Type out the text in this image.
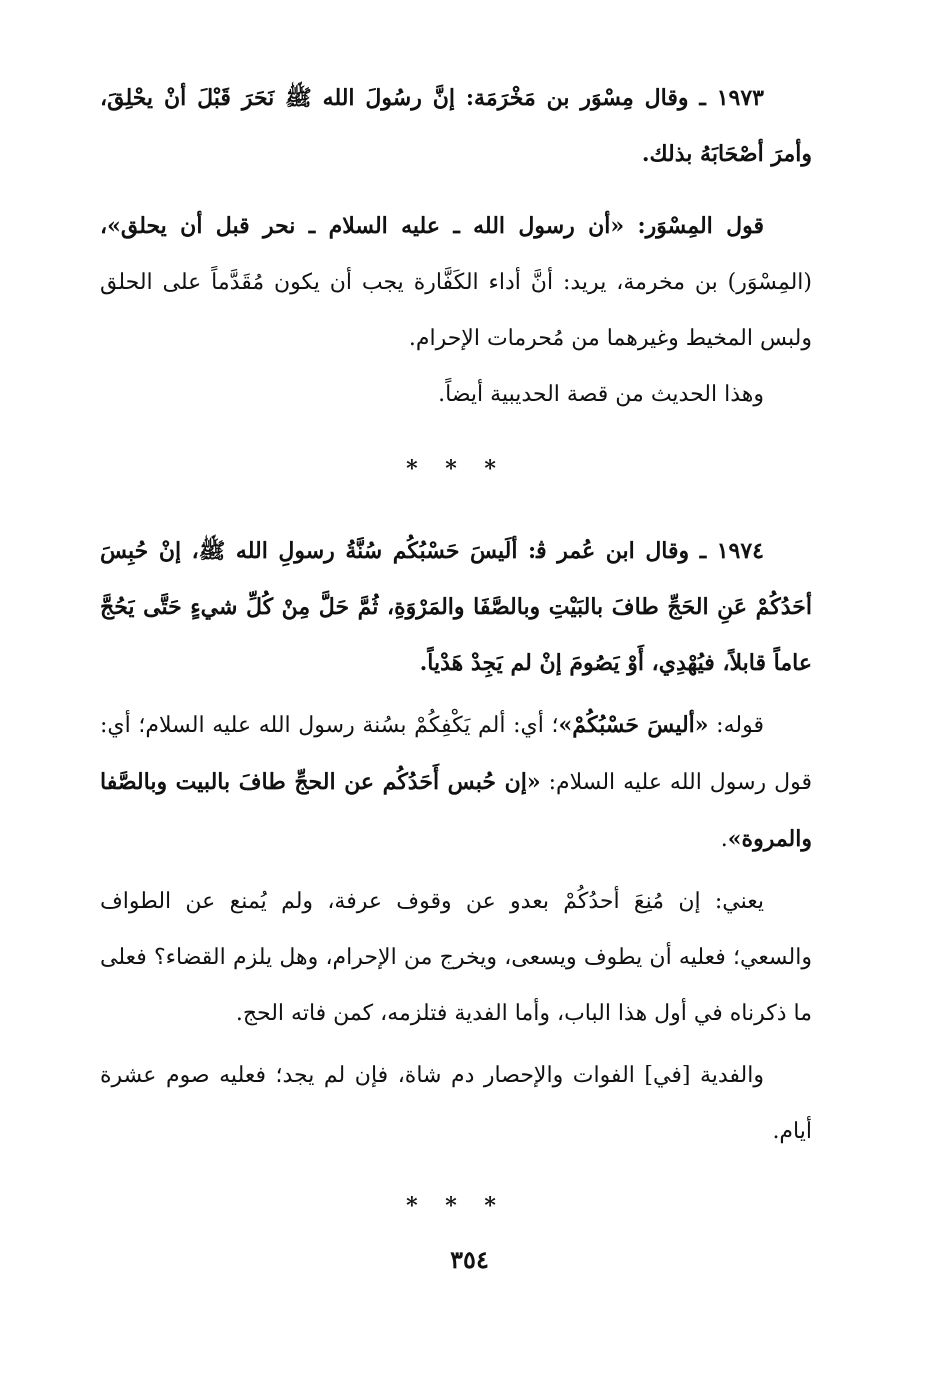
١٩٧٣ ـ وقال مِسْوَر بن مَخْرَمَة: إنَّ رسُولَ الله ﷺ نَحَرَ قَبْلَ أنْ يحْلِقَ، وأمرَ أصْحَابَهُ بذلك.

قول المِسْوَر: «أن رسول الله ـ عليه السلام ـ نحر قبل أن يحلق»، (المِسْوَر) بن مخرمة، يريد: أنَّ أداء الكَفَّارة يجب أن يكون مُقَدَّماً على الحلق ولبس المخيط وغيرهما من مُحرمات الإحرام.

وهذا الحديث من قصة الحديبية أيضاً.

* * *

١٩٧٤ ـ وقال ابن عُمر ﭬ: ألَيسَ حَسْبُكُم سُنَّةُ رسولِ الله ﷺ، إنْ حُبِسَ أحَدُكُمْ عَنِ الحَجِّ طافَ بالبَيْتِ وبالصَّفَا والمَرْوَةِ، ثُمَّ حَلَّ مِنْ كُلِّ شيءٍ حَتَّى يَحُجَّ عاماً قابلاً، فيُهْدِي، أَوْ يَصُومَ إنْ لم يَجِدْ هَدْياً.

قوله: «أليسَ حَسْبُكُمْ»؛ أي: ألم يَكْفِكُمْ بسُنة رسول الله عليه السلام؛ أي: قول رسول الله عليه السلام: «إن حُبس أَحَدُكُم عن الحجِّ طافَ بالبيت وبالصَّفا والمروة».

يعني: إن مُنِعَ أحدُكُمْ بعدو عن وقوف عرفة، ولم يُمنع عن الطواف والسعي؛ فعليه أن يطوف ويسعى، ويخرج من الإحرام، وهل يلزم القضاء؟ فعلى ما ذكرناه في أول هذا الباب، وأما الفدية فتلزمه، كمن فاته الحج.

والفدية [في] الفوات والإحصار دم شاة، فإن لم يجد؛ فعليه صوم عشرة أيام.

* * *
٣٥٤
